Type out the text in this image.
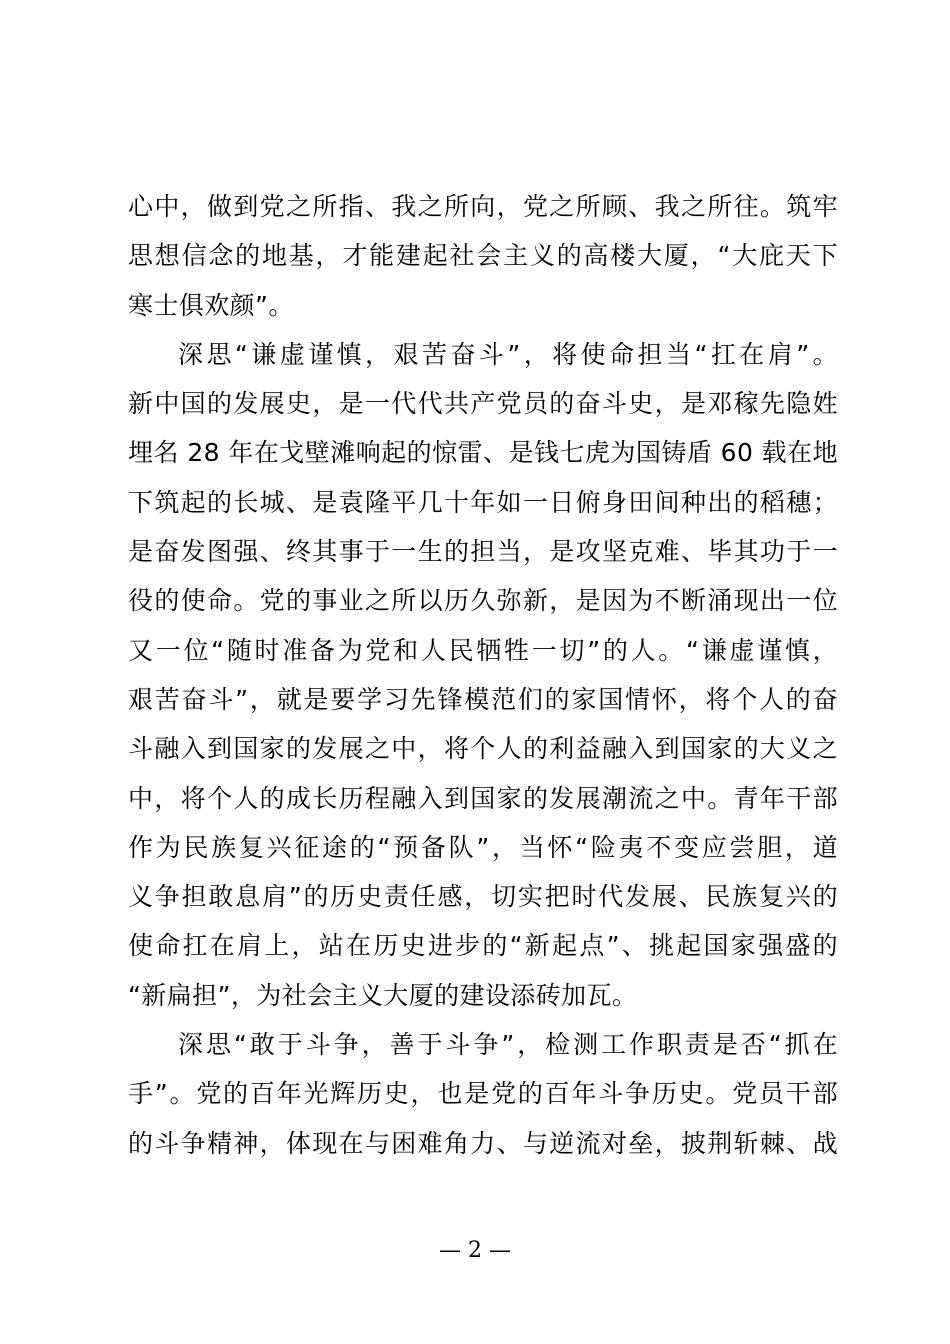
心中，做到党之所指、我之所向，党之所顾、我之所往。筑牢
思想信念的地基，才能建起社会主义的高楼大厦，“大庇天下
寒士俱欢颜”。
深思“谦虚谨慎，艰苦奋斗”，将使命担当“扛在肩”。
新中国的发展史，是一代代共产党员的奋斗史，是邓稼先隐姓
埋名 28 年在戈壁滩响起的惊雷、是钱七虎为国铸盾 60 载在地
下筑起的长城、是袁隆平几十年如一日俯身田间种出的稻穗；
是奋发图强、终其事于一生的担当，是攻坚克难、毕其功于一
役的使命。党的事业之所以历久弥新，是因为不断涌现出一位
又一位“随时准备为党和人民牺牲一切”的人。“谦虚谨慎，
艰苦奋斗”，就是要学习先锋模范们的家国情怀，将个人的奋
斗融入到国家的发展之中，将个人的利益融入到国家的大义之
中，将个人的成长历程融入到国家的发展潮流之中。青年干部
作为民族复兴征途的“预备队”，当怀“险夷不变应尝胆，道
义争担敢息肩”的历史责任感，切实把时代发展、民族复兴的
使命扛在肩上，站在历史进步的“新起点”、挑起国家强盛的
“新扁担”，为社会主义大厦的建设添砖加瓦。
深思“敢于斗争，善于斗争”，检测工作职责是否“抓在
手”。党的百年光辉历史，也是党的百年斗争历史。党员干部
的斗争精神，体现在与困难角力、与逆流对垒，披荆斩棘、战
— 2 —
